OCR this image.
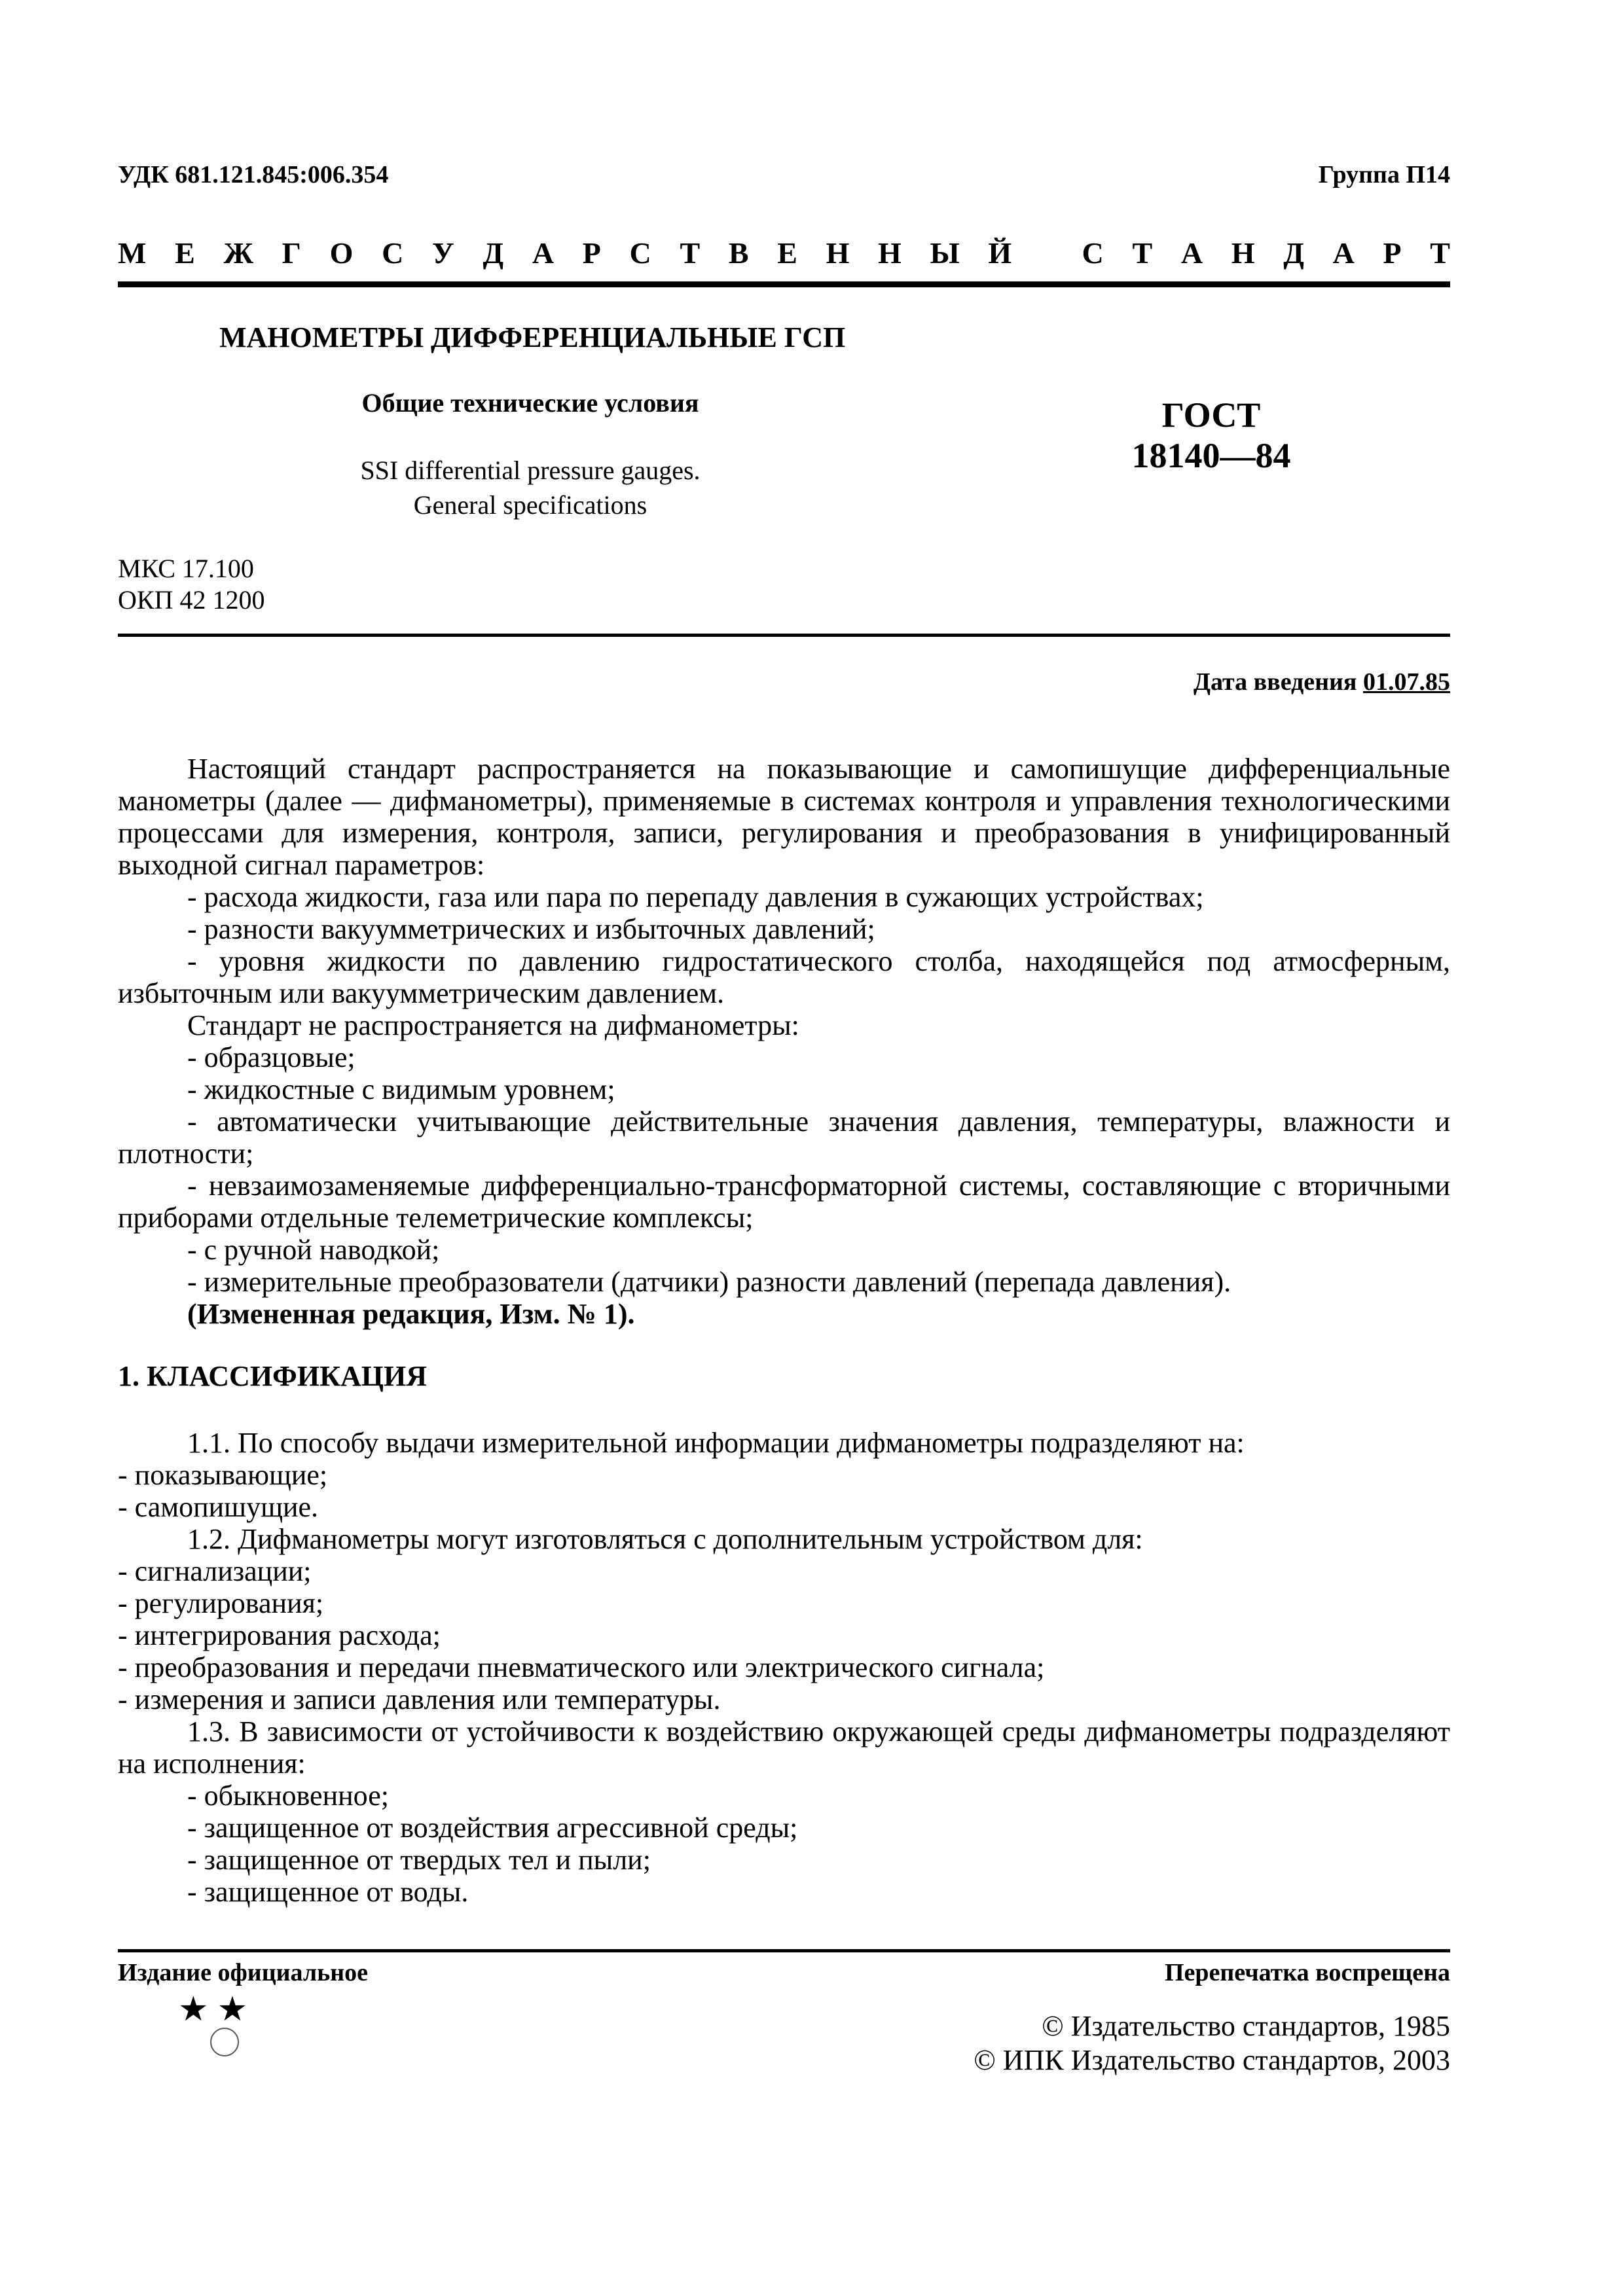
УДК 681.121.845:006.354	Группа П14
М Е Ж Г О С У Д А Р С Т В Е Н Н Ы Й С Т А Н Д А Р Т
МАНОМЕТРЫ ДИФФЕРЕНЦИАЛЬНЫЕ ГСП
Общие технические условия
SSI differential pressure gauges.
General specifications
ГОСТ
18140—84
МКС 17.100
ОКП 42 1200
Дата введения 01.07.85

Настоящий стандарт распространяется на показывающие и самопишущие дифференциальные манометры (далее — дифманометры), применяемые в системах контроля и управления технологическими процессами для измерения, контроля, записи, регулирования и преобразования в унифицированный выходной сигнал параметров:

- расхода жидкости, газа или пара по перепаду давления в сужающих устройствах;

- разности вакуумметрических и избыточных давлений;

- уровня жидкости по давлению гидростатического столба, находящейся под атмосферным, избыточным или вакуумметрическим давлением.

Стандарт не распространяется на дифманометры:

- образцовые;

- жидкостные с видимым уровнем;

- автоматически учитывающие действительные значения давления, температуры, влажности и плотности;

- невзаимозаменяемые дифференциально-трансформаторной системы, составляющие с вторичными приборами отдельные телеметрические комплексы;

- с ручной наводкой;

- измерительные преобразователи (датчики) разности давлений (перепада давления).

(Измененная редакция, Изм. № 1).

1. КЛАССИФИКАЦИЯ

1.1. По способу выдачи измерительной информации дифманометры подразделяют на:

- показывающие;

- самопишущие.

1.2. Дифманометры могут изготовляться с дополнительным устройством для:

- сигнализации;

- регулирования;

- интегрирования расхода;

- преобразования и передачи пневматического или электрического сигнала;

- измерения и записи давления или температуры.

1.3. В зависимости от устойчивости к воздействию окружающей среды дифманометры подразделяют на исполнения:

- обыкновенное;

- защищенное от воздействия агрессивной среды;

- защищенное от твердых тел и пыли;

- защищенное от воды.

Издание официальное	Перепечатка воспрещена
★ ★	© Издательство стандартов, 1985
© ИПК Издательство стандартов, 2003
